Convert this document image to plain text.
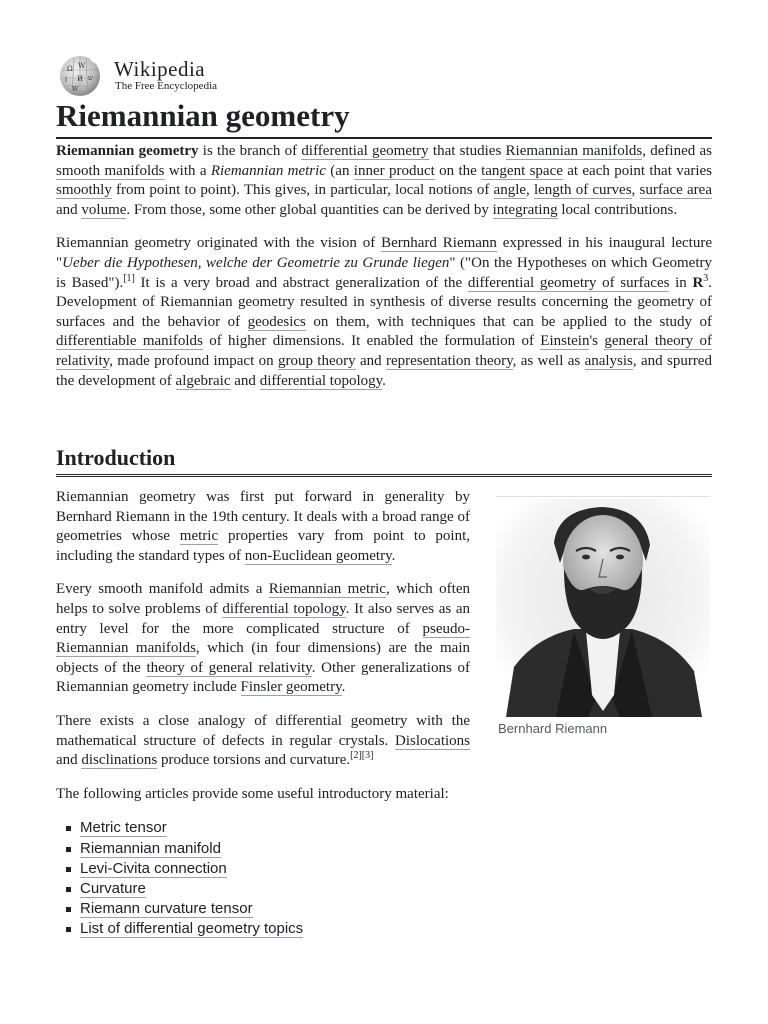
Ω W
ا И ש
W
Wikipedia
The Free Encyclopedia
Riemannian geometry

Riemannian geometry is the branch of differential geometry that studies Riemannian manifolds, defined as smooth manifolds with a Riemannian metric (an inner product on the tangent space at each point that varies smoothly from point to point). This gives, in particular, local notions of angle, length of curves, surface area and volume. From those, some other global quantities can be derived by integrating local contributions.

Riemannian geometry originated with the vision of Bernhard Riemann expressed in his inaugural lecture "Ueber die Hypothesen, welche der Geometrie zu Grunde liegen" ("On the Hypotheses on which Geometry is Based").[1] It is a very broad and abstract generalization of the differential geometry of surfaces in $R^3$. Development of Riemannian geometry resulted in synthesis of diverse results concerning the geometry of surfaces and the behavior of geodesics on them, with techniques that can be applied to the study of differentiable manifolds of higher dimensions. It enabled the formulation of Einstein's general theory of relativity, made profound impact on group theory and representation theory, as well as analysis, and spurred the development of algebraic and differential topology.

Introduction

Riemannian geometry was first put forward in generality by Bernhard Riemann in the 19th century. It deals with a broad range of geometries whose metric properties vary from point to point, including the standard types of non-Euclidean geometry.

Every smooth manifold admits a Riemannian metric, which often helps to solve problems of differential topology. It also serves as an entry level for the more complicated structure of pseudo-Riemannian manifolds, which (in four dimensions) are the main objects of the theory of general relativity. Other generalizations of Riemannian geometry include Finsler geometry.

There exists a close analogy of differential geometry with the mathematical structure of defects in regular crystals. Dislocations and disclinations produce torsions and curvature.[2][3]

The following articles provide some useful introductory material:

Metric tensor
Riemannian manifold
Levi-Civita connection
Curvature
Riemann curvature tensor
List of differential geometry topics
Bernhard Riemann
